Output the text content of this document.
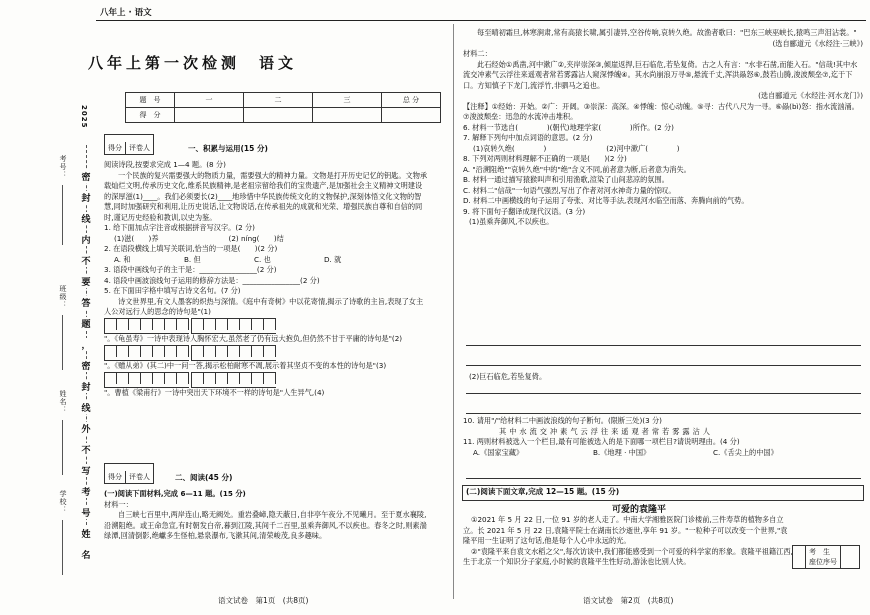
八年上 · 语文
2025
密
封
线
内
不
要
答
题
，
密
封
线
外
不
写
考
号
姓
名
考号：
班级：
姓名：
学校：
八年上第一次检测　语文
题　号	一	二	三	总 分
得　分				
得分 评卷人	一、积累与运用(15 分)

阅读诗段,按要求完成 1—4 题。(8 分)

一个民族的复兴需要强大的物质力量，需要强大的精神力量。文物是打开历史记忆的钥匙。文物承载灿烂文明,传承历史文化,维系民族精神,是老祖宗留给我们的宝贵遗产,是加强社会主义精神文明建设的深厚滋(1)____。我们必须要长(2)____地珍惜中华民族传统文化的文物保护,深刻体悟文化文物的智慧,同时加强研究和利用,让历史说话,让文物说话,在传承祖先的成就和光荣、增强民族自尊和自信的同时,谨记历史经验和教训,以史为鉴。

1. 给下面加点字注音或根据拼音写汉字。(2 分)

(1)滋(　　)养	(2) níng(　　)结

2. 在语段横线上填写关联词,恰当的一项是(　　)(2 分)

A. 和	B. 但	C. 也	D. 就

3. 语段中画线句子的主干是：________________(2 分)

4. 语段中画波浪线句子运用的修辞方法是：________________(2 分)

5. 在下面田字格中填写古诗文名句。(7 分)

诗文世界里,有文人墨客的炽热与深情。《庭中有奇树》中以花寄情,揭示了诗歌的主旨,表现了女主人公对远行人的思念的诗句是"(1)

"。《龟虽寿》一诗中表现诗人胸怀宏大,虽然老了仍有远大抱负,但仍然不甘于平庸的诗句是"(2)

"。《赠从弟》(其二)中一问一答,揭示松柏耐寒不凋,展示着其坚贞不变的本性的诗句是"(3)

"。曹植《梁甫行》一诗中突出天下环境不一样的诗句是"人生异气,(4)

得分 评卷人	二、阅读(45 分)

(一)阅读下面材料,完成 6—11 题。(15 分)

材料一：

自三峡七百里中,两岸连山,略无阙处。重岩叠嶂,隐天蔽日,自非亭午夜分,不见曦月。至于夏水襄陵,沿溯阻绝。或王命急宣,有时朝发白帝,暮到江陵,其间千二百里,虽乘奔御风,不以疾也。春冬之时,则素湍绿潭,回清倒影,绝巘多生怪柏,悬泉瀑布,飞漱其间,清荣峻茂,良多趣味。

语文试卷　第1页　(共8页)

每至晴初霜旦,林寒涧肃,常有高猿长啸,属引凄异,空谷传响,哀转久绝。故渔者歌曰："巴东三峡巫峡长,猿鸣三声泪沾裳。"

(选自郦道元《水经注·三峡》)

材料二：

此石经始①禹凿,河中漱广②,夹岸崇深③,倾崖返捍,巨石临危,若坠复倚。古之人有言："水非石凿,而能入石。"信哉!其中水流交冲素气云浮往来遥观者常若雾露沾人窥深悸魄④。其水尚崩浪万寻⑤,悬流千丈,浑洪赑怒⑥,鼓若山腾,浚波颓垒⑦,迄于下口。方知慎子下龙门,流浮竹,非驷马之追也。

(选自郦道元《水经注·河水龙门》)

【注释】①经始：开始。②广：开阔。③崇深：高深。④悸魄：惊心动魄。⑤寻：古代八尺为一寻。⑥赑(bì)怒：指水流汹涌。⑦浚波颓垒：迅急的水流冲击堆积。

6. 材料一节选自(　　　　)(朝代)地理学家(　　　　)所作。(2 分)

7. 解释下列句中加点词语的意思。(2 分)

(1)哀转久绝(　　　　)	(2)河中漱广(　　　　)

8. 下列对两则材料理解不正确的一项是(　　)(2 分)

A. "沿溯阻绝""哀转久绝"中的"绝"含义不同,前者意为断,后者意为消失。

B. 材料一通过描写猿猴叫声和引用渔歌,渲染了山间悲凉的氛围。

C. 材料二"信哉"一句语气强烈,写出了作者对河水神奇力量的惊叹。

D. 材料二中画横线的句子运用了夸张、对比等手法,表现河水临空而落、奔腾向前的气势。

9. 将下面句子翻译成现代汉语。(3 分)

(1)虽乘奔御风,不以疾也。

(2)巨石临危,若坠复倚。

10. 请用"/"给材料二中画波浪线的句子断句。(限断三处)(3 分)

其中水流交冲素气云浮往来遥观者常若雾露沾人

11. 两则材料被选入一个栏目,最有可能被选入的是下面哪一项栏目?请说明理由。(4 分)

A.《国家宝藏》	B.《地理 · 中国》	C.《舌尖上的中国》

(二)阅读下面文章,完成 12—15 题。(15 分)
可爱的袁隆平

①2021 年 5 月 22 日,一位 91 岁的老人走了。中南大学湘雅医院门诊楼前,三件寿草的植物多自立立。长 2021 年 5 月 22 日,袁隆平院士在湖南长沙逝世,享年 91 岁。"一粒种子可以改变一个世界,"袁隆平用一生证明了这句话,他是每个人心中永远的光。

②"袁隆平来自袁文水稻之父",每次访谈中,我们都能感受到一个可爱的科学家的形象。袁隆平祖籍江西,生于北京一个知识分子家庭,小时候的袁隆平生性好动,游泳也比别人快。

考　生
座位序号
语文试卷　第2页　(共8页)
